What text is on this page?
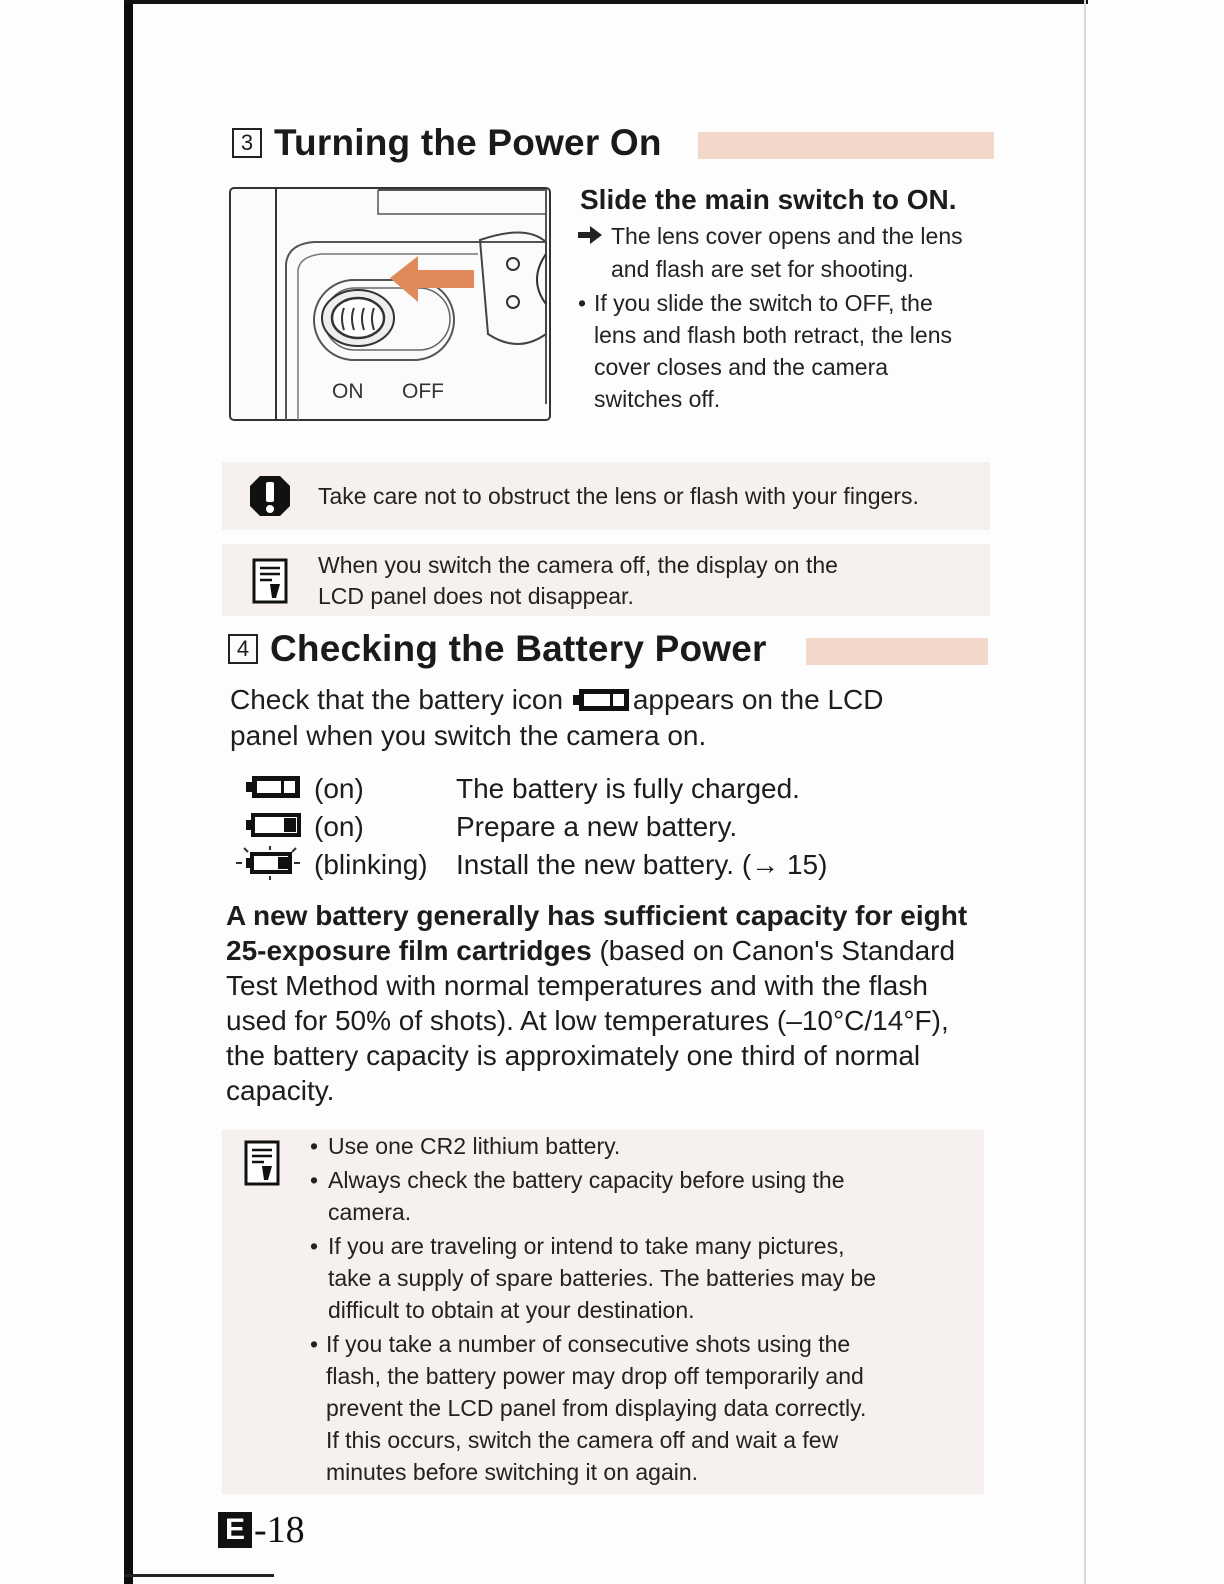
3 Turning the Power On
ON OFF
Slide the main switch to ON.
The lens cover opens and the lens
and flash are set for shooting.
• If you slide the switch to OFF, the
lens and flash both retract, the lens
cover closes and the camera
switches off.
Take care not to obstruct the lens or flash with your fingers.
When you switch the camera off, the display on the
LCD panel does not disappear.
4 Checking the Battery Power
Check that the battery icon appears on the LCD
panel when you switch the camera on.
(on)	The battery is fully charged.
(on)	Prepare a new battery.
(blinking)	Install the new battery. (→ 15)
A new battery generally has sufficient capacity for eight 25-exposure film cartridges (based on Canon's Standard Test Method with normal temperatures and with the flash used for 50% of shots). At low temperatures (–10°C/14°F), the battery capacity is approximately one third of normal capacity.
• Use one CR2 lithium battery.
• Always check the battery capacity before using the
camera.
• If you are traveling or intend to take many pictures,
take a supply of spare batteries. The batteries may be
difficult to obtain at your destination.
• If you take a number of consecutive shots using the
flash, the battery power may drop off temporarily and
prevent the LCD panel from displaying data correctly.
If this occurs, switch the camera off and wait a few
minutes before switching it on again.
E -18
